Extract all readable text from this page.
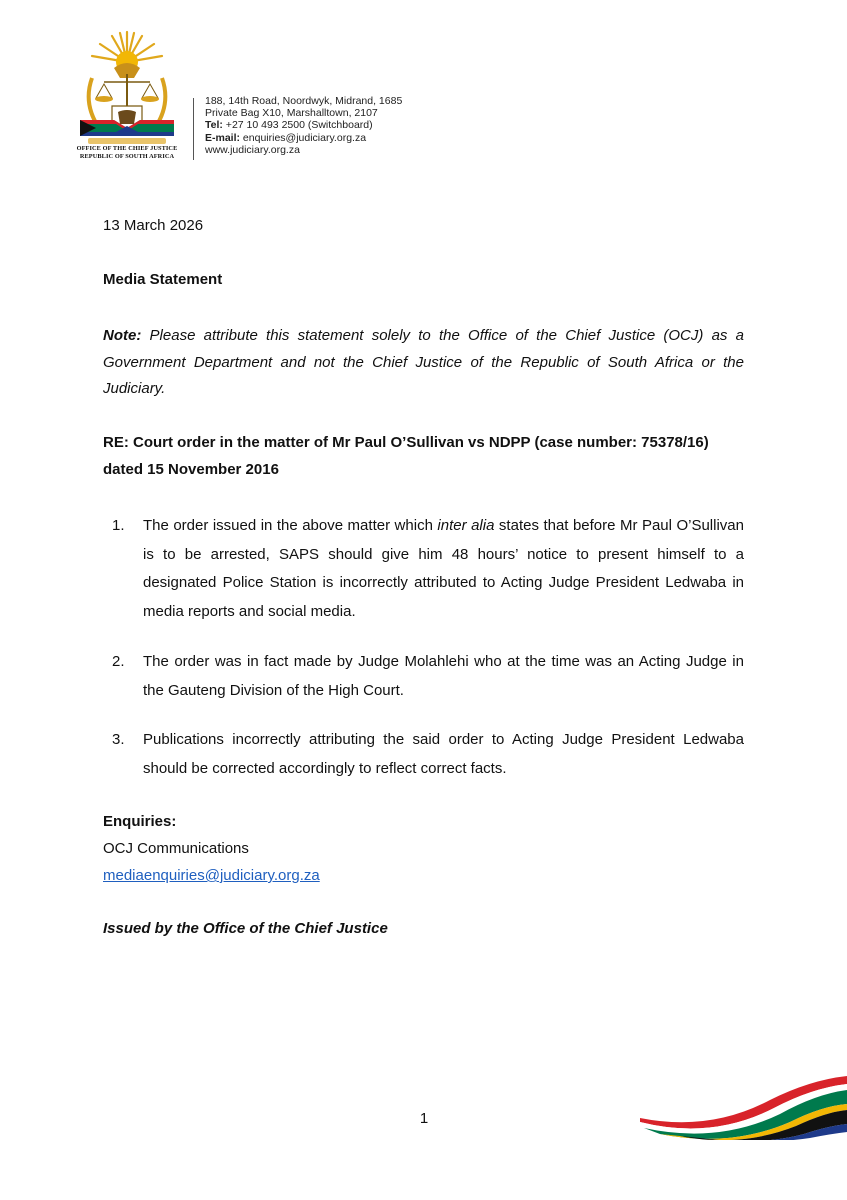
OFFICE OF THE CHIEF JUSTICE
REPUBLIC OF SOUTH AFRICA
188, 14th Road, Noordwyk, Midrand, 1685
Private Bag X10, Marshalltown, 2107
Tel: +27 10 493 2500 (Switchboard)
E-mail: enquiries@judiciary.org.za
www.judiciary.org.za
13 March 2026
Media Statement
Note: Please attribute this statement solely to the Office of the Chief Justice (OCJ) as a Government Department and not the Chief Justice of the Republic of South Africa or the Judiciary.
RE: Court order in the matter of Mr Paul O’Sullivan vs NDPP (case number: 75378/16) dated 15 November 2016
1. The order issued in the above matter which inter alia states that before Mr Paul O’Sullivan is to be arrested, SAPS should give him 48 hours’ notice to present himself to a designated Police Station is incorrectly attributed to Acting Judge President Ledwaba in media reports and social media.
2. The order was in fact made by Judge Molahlehi who at the time was an Acting Judge in the Gauteng Division of the High Court.
3. Publications incorrectly attributing the said order to Acting Judge President Ledwaba should be corrected accordingly to reflect correct facts.
Enquiries:
OCJ Communications
mediaenquiries@judiciary.org.za
Issued by the Office of the Chief Justice
1
